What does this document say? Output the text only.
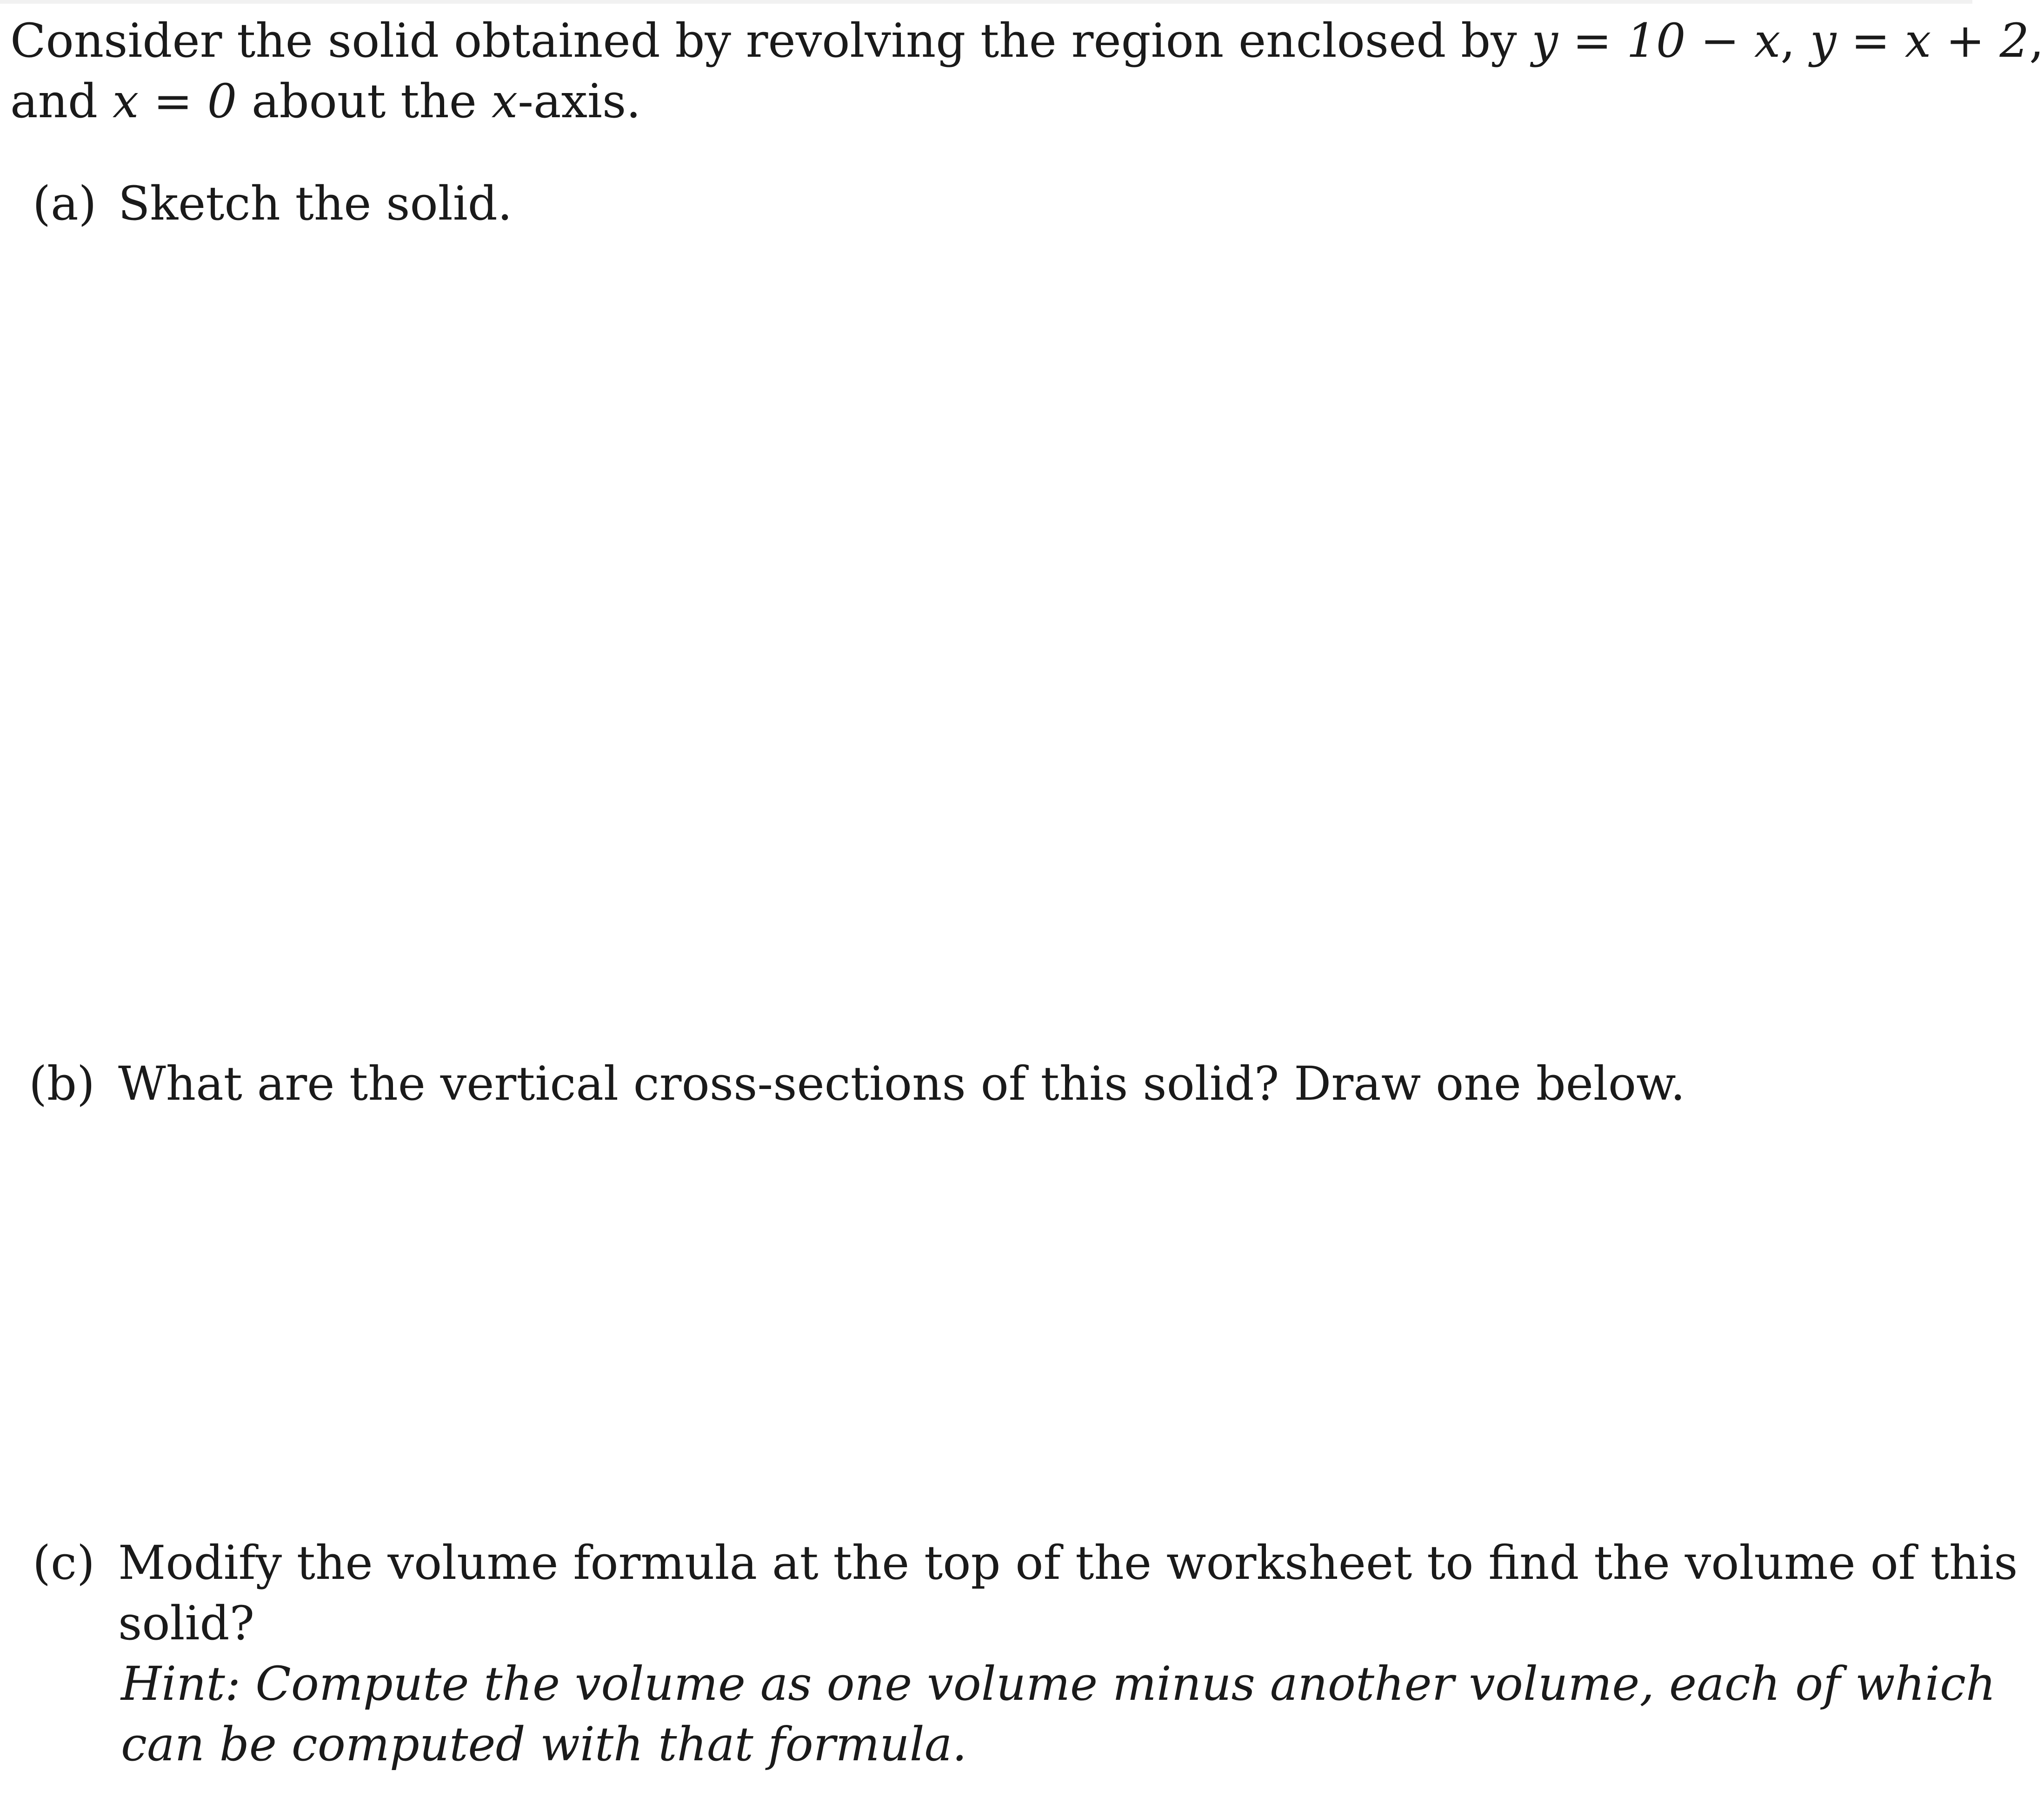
Consider the solid obtained by revolving the region enclosed by y = 10 − x, y = x + 2,
and x = 0 about the x-axis.
(a) Sketch the solid.
(b) What are the vertical cross-sections of this solid? Draw one below.
(c) Modify the volume formula at the top of the worksheet to find the volume of this
solid?
Hint: Compute the volume as one volume minus another volume, each of which
can be computed with that formula.
